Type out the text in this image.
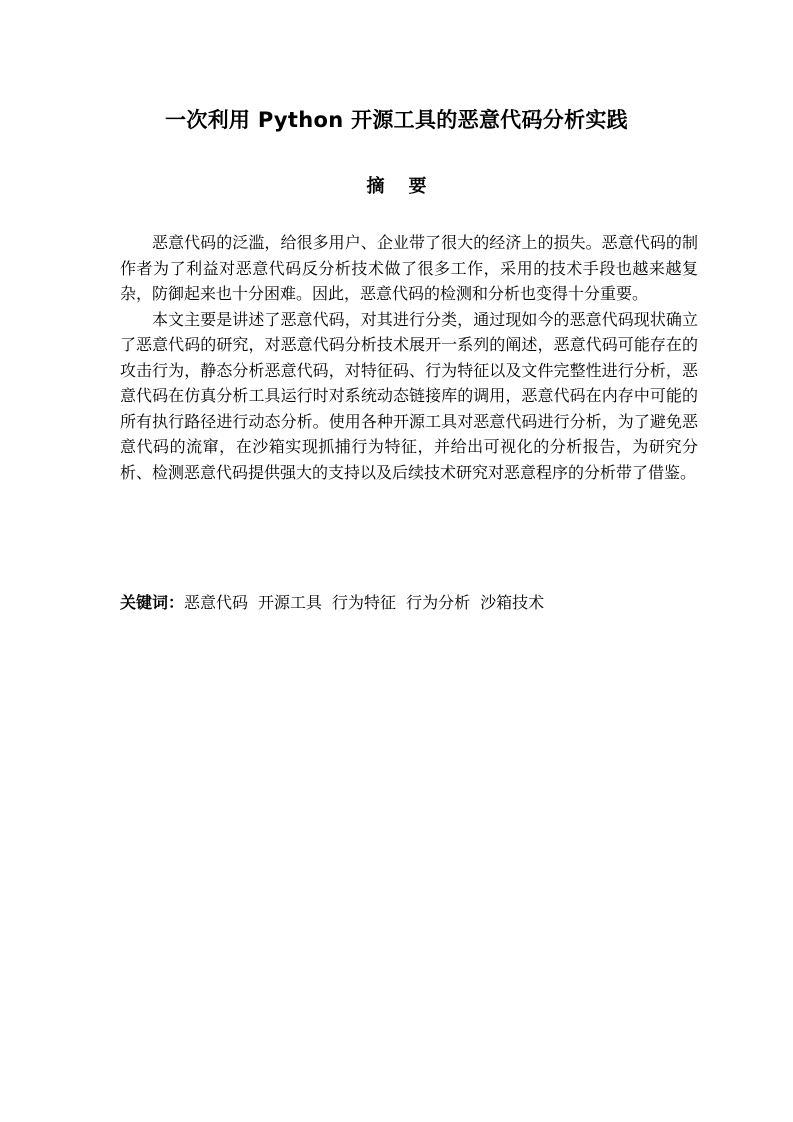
一次利用 Python 开源工具的恶意代码分析实践
摘要

恶意代码的泛滥，给很多用户、企业带了很大的经济上的损失。恶意代码的制作者为了利益对恶意代码反分析技术做了很多工作，采用的技术手段也越来越复杂，防御起来也十分困难。因此，恶意代码的检测和分析也变得十分重要。

本文主要是讲述了恶意代码，对其进行分类，通过现如今的恶意代码现状确立了恶意代码的研究，对恶意代码分析技术展开一系列的阐述，恶意代码可能存在的攻击行为，静态分析恶意代码，对特征码、行为特征以及文件完整性进行分析，恶意代码在仿真分析工具运行时对系统动态链接库的调用，恶意代码在内存中可能的所有执行路径进行动态分析。使用各种开源工具对恶意代码进行分析，为了避免恶意代码的流窜，在沙箱实现抓捕行为特征，并给出可视化的分析报告，为研究分析、检测恶意代码提供强大的支持以及后续技术研究对恶意程序的分析带了借鉴。

关键词：恶意代码 开源工具 行为特征 行为分析 沙箱技术
